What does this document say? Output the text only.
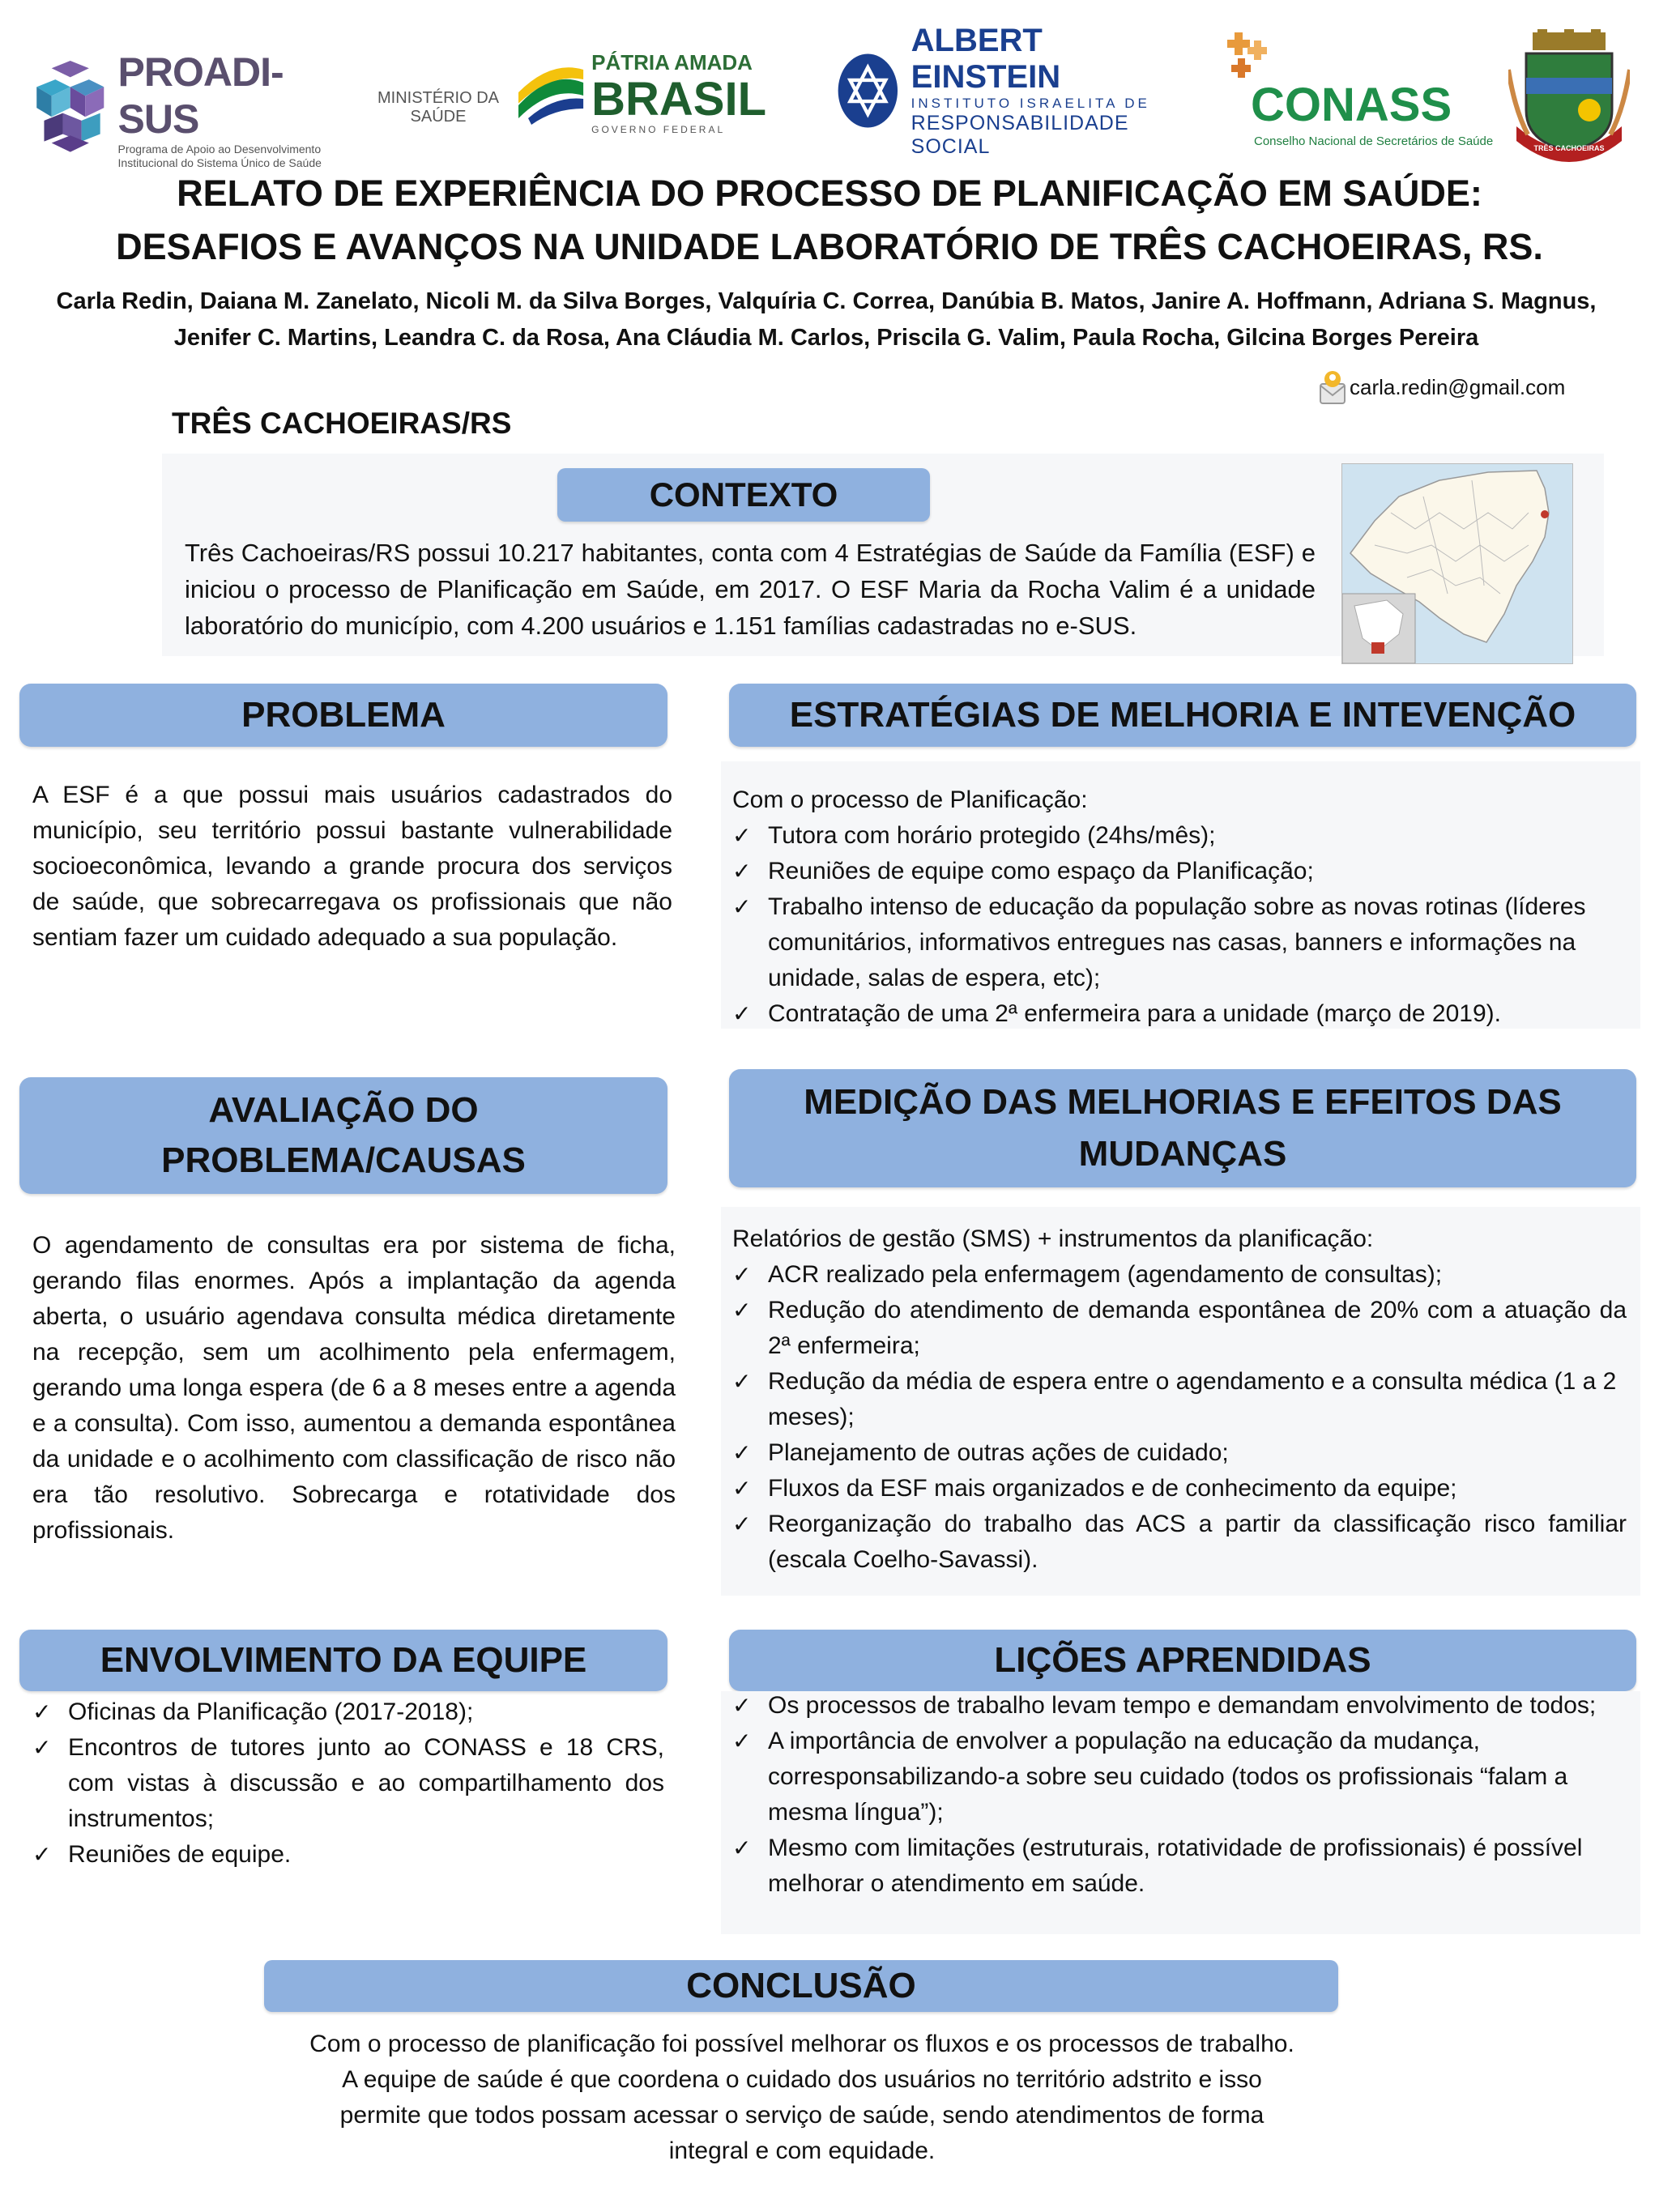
PROADI-SUS
Programa de Apoio ao Desenvolvimento Institucional do Sistema Único de Saúde
MINISTÉRIO DA
SAÚDE
PÁTRIA AMADA
BRASIL
GOVERNO FEDERAL
ALBERT EINSTEIN
INSTITUTO ISRAELITA DE
RESPONSABILIDADE SOCIAL
CONASS
Conselho Nacional de Secretários de Saúde	TRÊS CACHOEIRAS
RELATO DE EXPERIÊNCIA DO PROCESSO DE PLANIFICAÇÃO EM SAÚDE:
DESAFIOS E AVANÇOS NA UNIDADE LABORATÓRIO DE TRÊS CACHOEIRAS, RS.
Carla Redin, Daiana M. Zanelato, Nicoli M. da Silva Borges, Valquíria C. Correa, Danúbia B. Matos, Janire A. Hoffmann, Adriana S. Magnus, Jenifer C. Martins, Leandra C. da Rosa, Ana Cláudia M. Carlos, Priscila G. Valim, Paula Rocha, Gilcina Borges Pereira
carla.redin@gmail.com
TRÊS CACHOEIRAS/RS
CONTEXTO
Três Cachoeiras/RS possui 10.217 habitantes, conta com 4 Estratégias de Saúde da Família (ESF) e iniciou o processo de Planificação em Saúde, em 2017. O ESF Maria da Rocha Valim é a unidade laboratório do município, com 4.200 usuários e 1.151 famílias cadastradas no e-SUS.
PROBLEMA
A ESF é a que possui mais usuários cadastrados do município, seu território possui bastante vulnerabilidade socioeconômica, levando a grande procura dos serviços de saúde, que sobrecarregava os profissionais que não sentiam fazer um cuidado adequado a sua população.
ESTRATÉGIAS DE MELHORIA E INTEVENÇÃO
Com o processo de Planificação:
✓ Tutora com horário protegido (24hs/mês);
✓ Reuniões de equipe como espaço da Planificação;
✓ Trabalho intenso de educação da população sobre as novas rotinas (líderes comunitários, informativos entregues nas casas, banners e informações na unidade, salas de espera, etc);
✓ Contratação de uma 2ª enfermeira para a unidade (março de 2019).
AVALIAÇÃO DO
PROBLEMA/CAUSAS
O agendamento de consultas era por sistema de ficha, gerando filas enormes. Após a implantação da agenda aberta, o usuário agendava consulta médica diretamente na recepção, sem um acolhimento pela enfermagem, gerando uma longa espera (de 6 a 8 meses entre a agenda e a consulta). Com isso, aumentou a demanda espontânea da unidade e o acolhimento com classificação de risco não era tão resolutivo. Sobrecarga e rotatividade dos profissionais.
MEDIÇÃO DAS MELHORIAS E EFEITOS DAS
MUDANÇAS
Relatórios de gestão (SMS) + instrumentos da planificação:
✓ ACR realizado pela enfermagem (agendamento de consultas);
✓ Redução do atendimento de demanda espontânea de 20% com a atuação da 2ª enfermeira;
✓ Redução da média de espera entre o agendamento e a consulta médica (1 a 2 meses);
✓ Planejamento de outras ações de cuidado;
✓ Fluxos da ESF mais organizados e de conhecimento da equipe;
✓ Reorganização do trabalho das ACS a partir da classificação risco familiar (escala Coelho-Savassi).
ENVOLVIMENTO DA EQUIPE
✓ Oficinas da Planificação (2017-2018);
✓ Encontros de tutores junto ao CONASS e 18 CRS, com vistas à discussão e ao compartilhamento dos instrumentos;
✓ Reuniões de equipe.
LIÇÕES APRENDIDAS
✓ Os processos de trabalho levam tempo e demandam envolvimento de todos;
✓ A importância de envolver a população na educação da mudança, corresponsabilizando-a sobre seu cuidado (todos os profissionais “falam a mesma língua”);
✓ Mesmo com limitações (estruturais, rotatividade de profissionais) é possível melhorar o atendimento em saúde.
CONCLUSÃO
Com o processo de planificação foi possível melhorar os fluxos e os processos de trabalho. A equipe de saúde é que coordena o cuidado dos usuários no território adstrito e isso permite que todos possam acessar o serviço de saúde, sendo atendimentos de forma integral e com equidade.
